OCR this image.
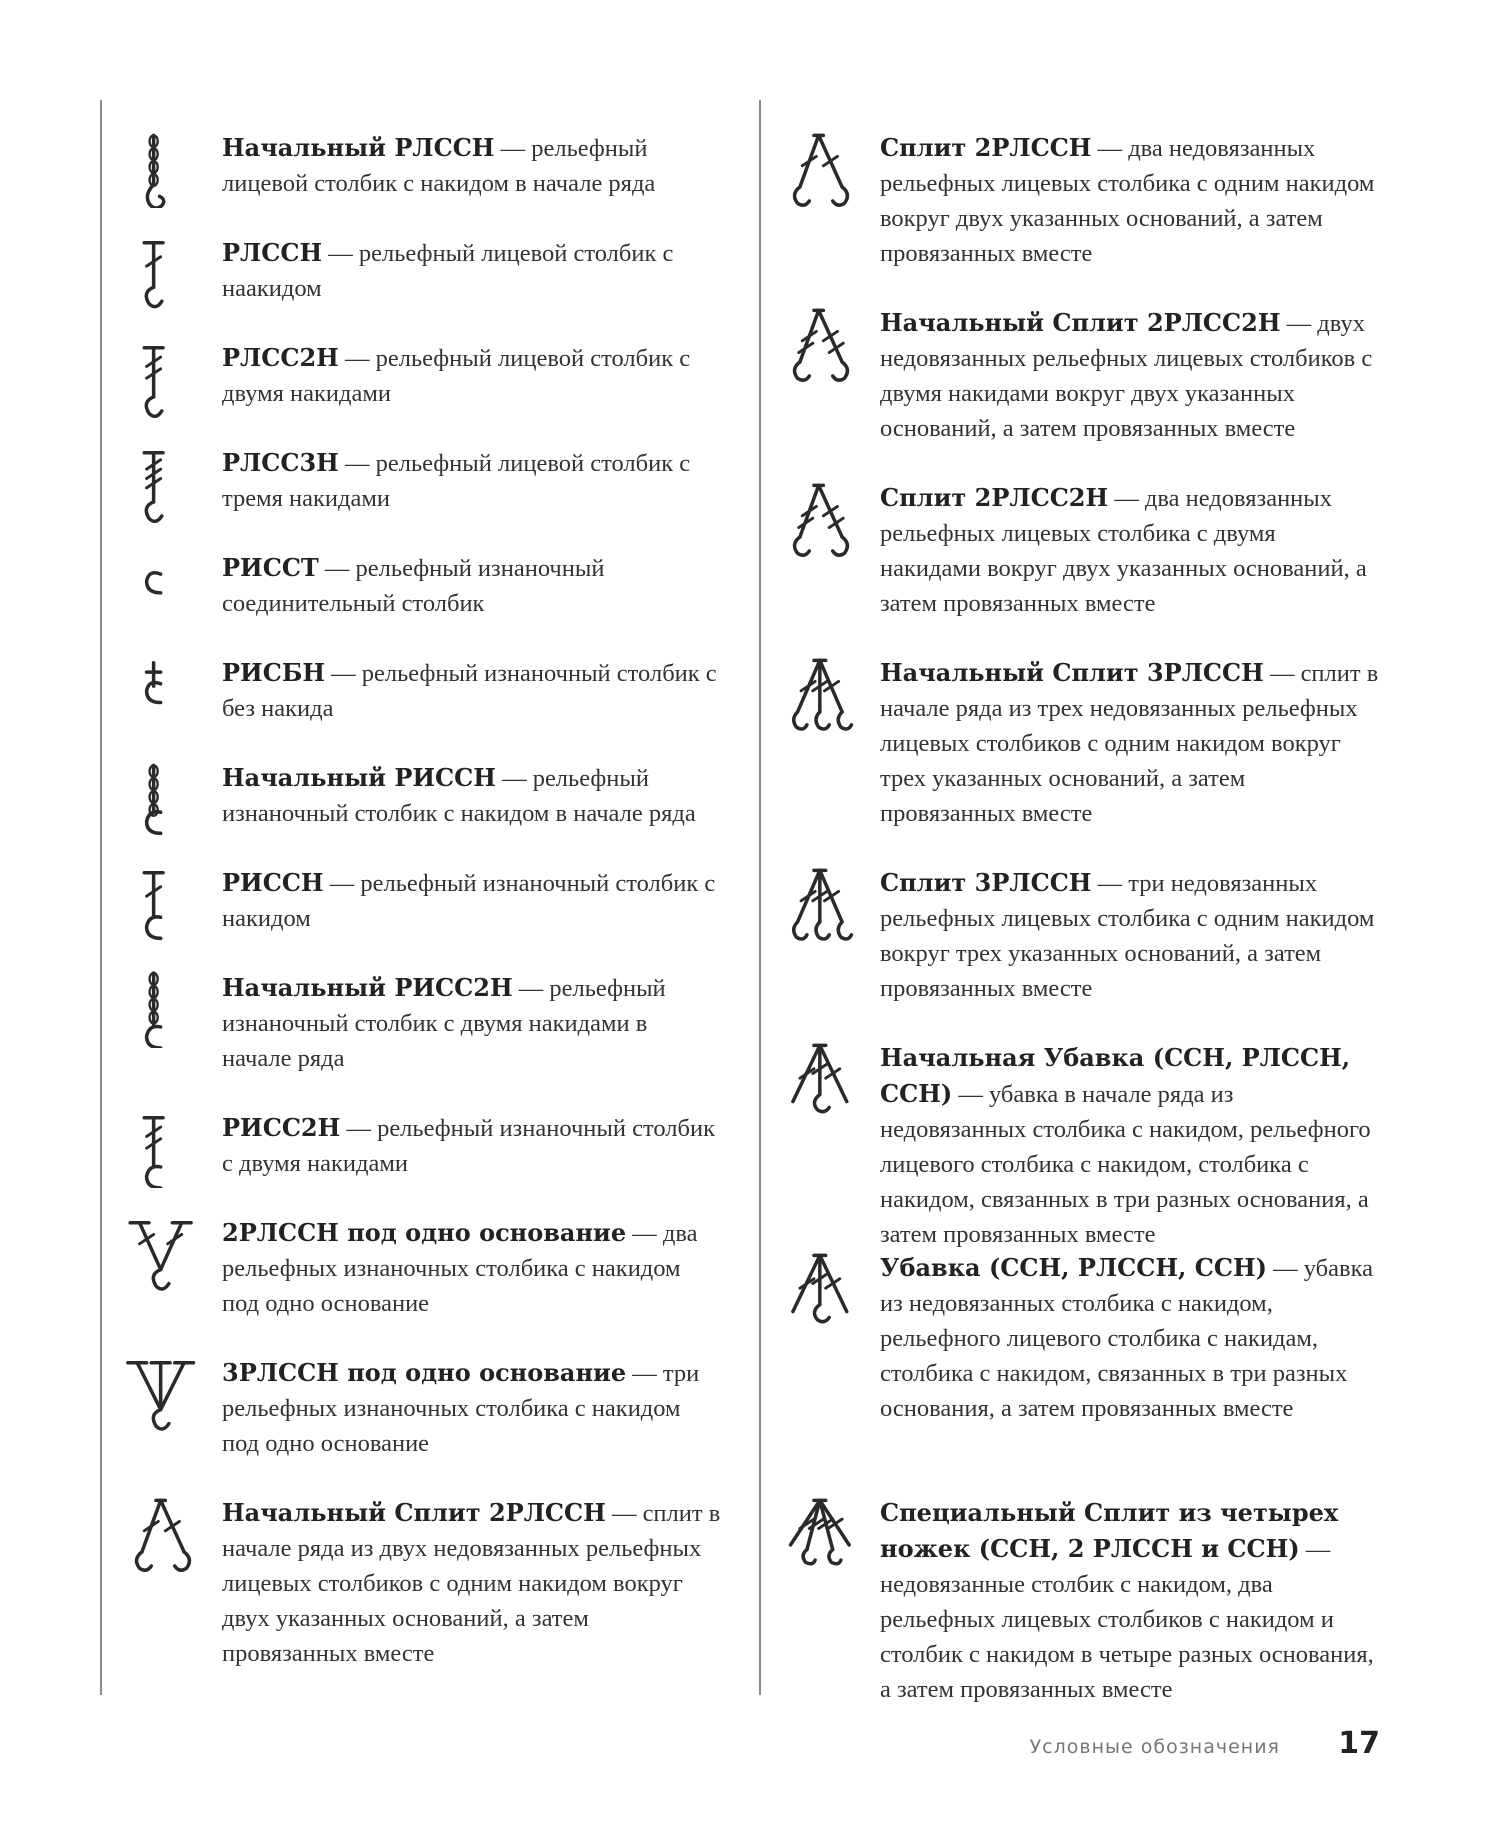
Начальный РЛССН — рельефный лицевой столбик с накидом в начале ряда

РЛССН — рельефный лицевой столбик с наакидом

РЛСС2Н — рельефный лицевой столбик с двумя накидами

РЛСС3Н — рельефный лицевой столбик с тремя накидами

РИССТ — рельефный изнаночный соединительный столбик

РИСБН — рельефный изнаночный столбик с без накида

Начальный РИССН — рельефный изнаночный столбик с накидом в начале ряда

РИССН — рельефный изнаночный столбик с накидом

Начальный РИСС2Н — рельефный изнаночный столбик с двумя накидами в начале ряда

РИСС2Н — рельефный изнаночный столбик с двумя накидами

2РЛССН под одно основание — два рельефных изнаночных столбика с накидом под одно основание

3РЛССН под одно основание — три рельефных изнаночных столбика с накидом под одно основание

Начальный Сплит 2РЛССН — сплит в начале ряда из двух недовязанных рельефных лицевых столбиков с одним накидом вокруг двух указанных оснований, а затем провязанных вместе

Сплит 2РЛССН — два недовязанных рельефных лицевых столбика с одним накидом вокруг двух указанных оснований, а затем провязанных вместе

Начальный Сплит 2РЛСС2Н — двух недовязанных рельефных лицевых столбиков с двумя накидами вокруг двух указанных оснований, а затем провязанных вместе

Сплит 2РЛСС2Н — два недовязанных рельефных лицевых столбика с двумя накидами вокруг двух указанных оснований, а затем провязанных вместе

Начальный Сплит 3РЛССН — сплит в начале ряда из трех недовязанных рельефных лицевых столбиков с одним накидом вокруг трех указанных оснований, а затем провязанных вместе

Сплит 3РЛССН — три недовязанных рельефных лицевых столбика с одним накидом вокруг трех указанных оснований, а затем провязанных вместе

Начальная Убавка (ССН, РЛССН, ССН) — убавка в начале ряда из недовязанных столбика с накидом, рельефного лицевого столбика с накидом, столбика с накидом, связанных в три разных основания, а затем провязанных вместе

Убавка (ССН, РЛССН, ССН) — убавка из недовязанных столбика с накидом, рельефного лицевого столбика с накидам, столбика с накидом, связанных в три разных основания, а затем провязанных вместе

Специальный Сплит из четырех ножек (ССН, 2 РЛССН и ССН) — недовязанные столбик с накидом, два рельефных лицевых столбиков с накидом и столбик с накидом в четыре разных основания, а затем провязанных вместе

Условные обозначения 17
